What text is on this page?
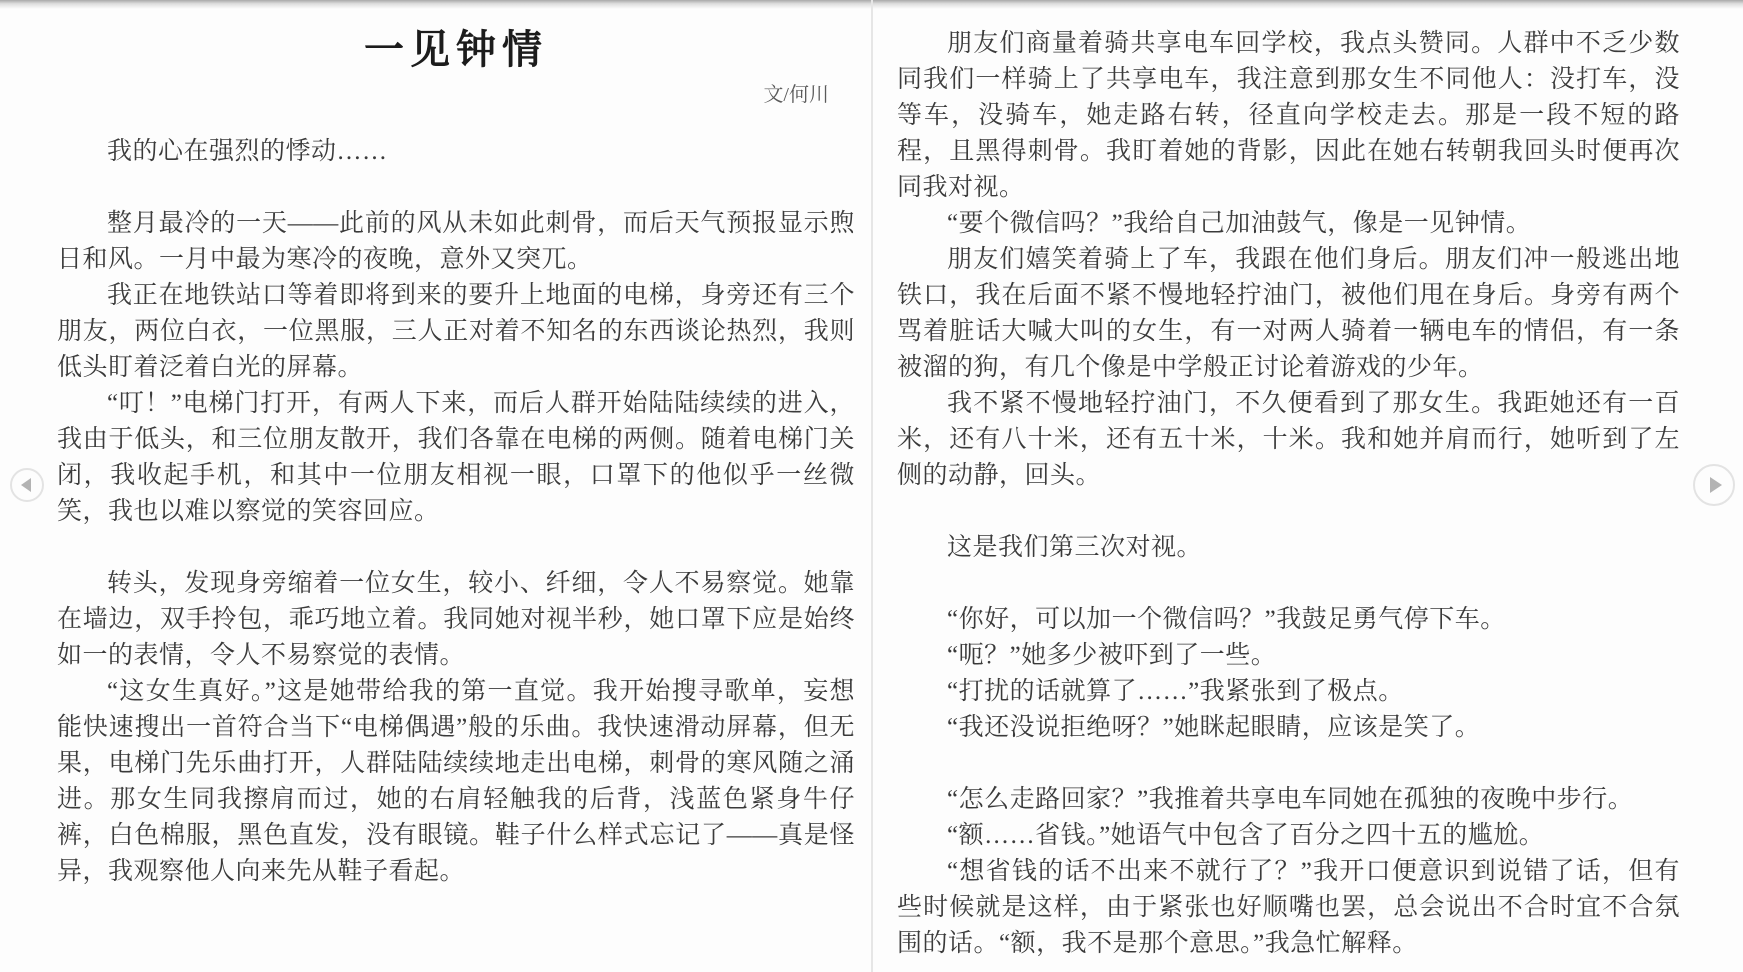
一见钟情
文/何川

我的心在强烈的悸动……

整月最冷的一天——此前的风从未如此刺骨，而后天气预报显示煦日和风。一月中最为寒冷的夜晚，意外又突兀。

我正在地铁站口等着即将到来的要升上地面的电梯，身旁还有三个朋友，两位白衣，一位黑服，三人正对着不知名的东西谈论热烈，我则低头盯着泛着白光的屏幕。

“叮！”电梯门打开，有两人下来，而后人群开始陆陆续续的进入，我由于低头，和三位朋友散开，我们各靠在电梯的两侧。随着电梯门关闭，我收起手机，和其中一位朋友相视一眼，口罩下的他似乎一丝微笑，我也以难以察觉的笑容回应。

转头，发现身旁缩着一位女生，较小、纤细，令人不易察觉。她靠在墙边，双手拎包，乖巧地立着。我同她对视半秒，她口罩下应是始终如一的表情，令人不易察觉的表情。

“这女生真好。”这是她带给我的第一直觉。我开始搜寻歌单，妄想能快速搜出一首符合当下“电梯偶遇”般的乐曲。我快速滑动屏幕，但无果，电梯门先乐曲打开，人群陆陆续续地走出电梯，刺骨的寒风随之涌进。那女生同我擦肩而过，她的右肩轻触我的后背，浅蓝色紧身牛仔裤，白色棉服，黑色直发，没有眼镜。鞋子什么样式忘记了——真是怪异，我观察他人向来先从鞋子看起。

朋友们商量着骑共享电车回学校，我点头赞同。人群中不乏少数同我们一样骑上了共享电车，我注意到那女生不同他人：没打车，没等车，没骑车，她走路右转，径直向学校走去。那是一段不短的路程，且黑得刺骨。我盯着她的背影，因此在她右转朝我回头时便再次同我对视。

“要个微信吗？”我给自己加油鼓气，像是一见钟情。

朋友们嬉笑着骑上了车，我跟在他们身后。朋友们冲一般逃出地铁口，我在后面不紧不慢地轻拧油门，被他们甩在身后。身旁有两个骂着脏话大喊大叫的女生，有一对两人骑着一辆电车的情侣，有一条被溜的狗，有几个像是中学般正讨论着游戏的少年。

我不紧不慢地轻拧油门，不久便看到了那女生。我距她还有一百米，还有八十米，还有五十米，十米。我和她并肩而行，她听到了左侧的动静，回头。

这是我们第三次对视。

“你好，可以加一个微信吗？”我鼓足勇气停下车。

“呃？”她多少被吓到了一些。

“打扰的话就算了……”我紧张到了极点。

“我还没说拒绝呀？”她眯起眼睛，应该是笑了。

“怎么走路回家？”我推着共享电车同她在孤独的夜晚中步行。

“额……省钱。”她语气中包含了百分之四十五的尴尬。

“想省钱的话不出来不就行了？”我开口便意识到说错了话，但有些时候就是这样，由于紧张也好顺嘴也罢，总会说出不合时宜不合氛围的话。“额，我不是那个意思。”我急忙解释。
